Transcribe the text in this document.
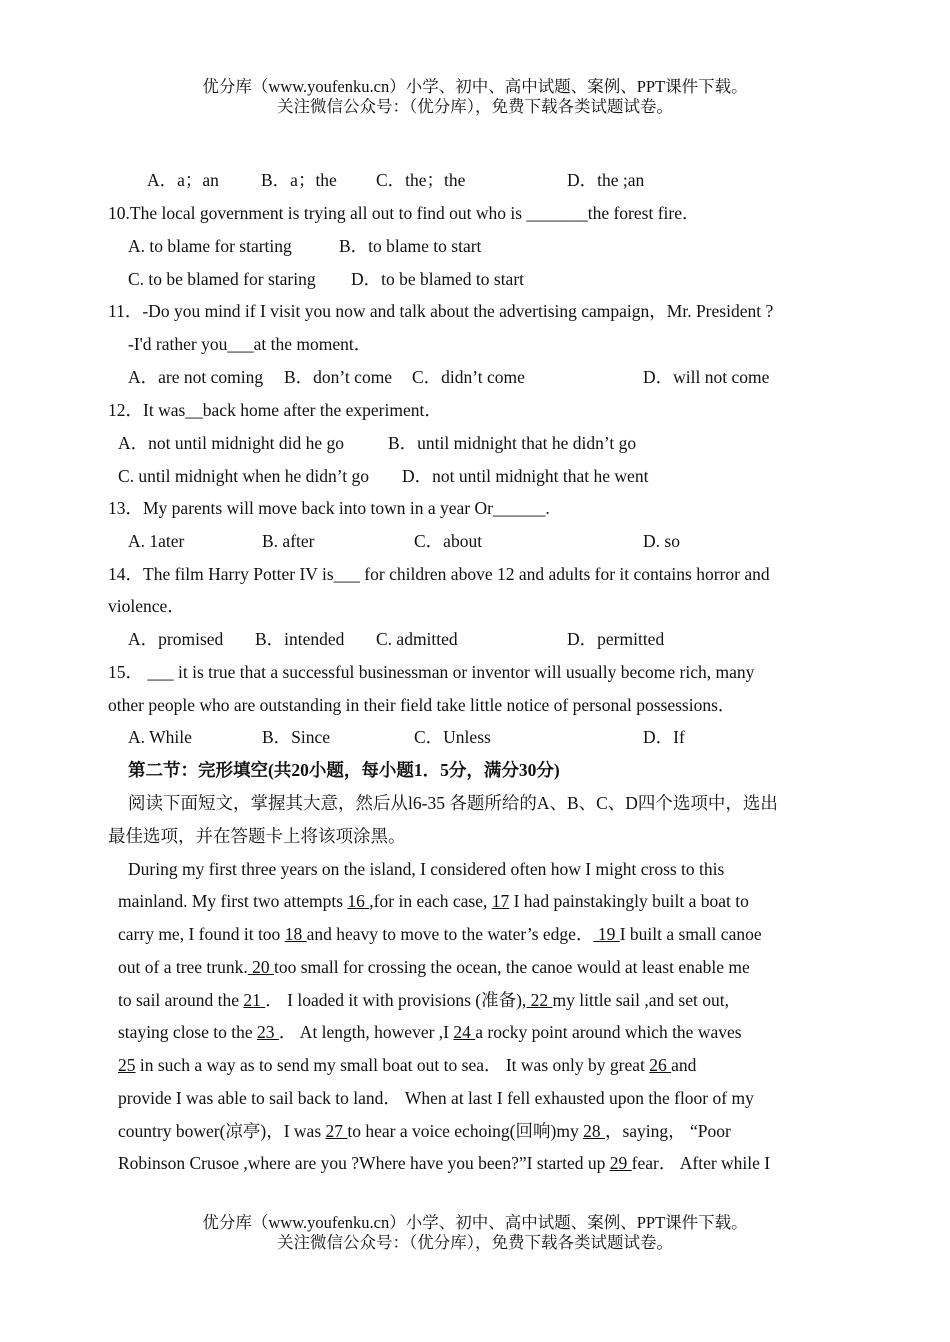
优分库（www.youfenku.cn）小学、初中、高中试题、案例、PPT课件下载。
关注微信公众号：（优分库），免费下载各类试题试卷。
A．a；an B．a；the C．the；the	D．the ;an
10.The local government is trying all out to find out who is _______the forest fire．
A. to blame for starting	B．to blame to start
C. to be blamed for staring D．to be blamed to start
11．-Do you mind if I visit you now and talk about the advertising campaign，Mr. President ?
-I'd rather you___at the moment．
A．are not coming B．don’t come C．didn’t come	D．will not come
12．It was__back home after the experiment．
A．not until midnight did he go	B．until midnight that he didn’t go
C. until midnight when he didn’t go D．not until midnight that he went
13．My parents will move back into town in a year Or______.
A. 1ater	B. after	C．about	D. so
14．The film Harry Potter IV is___ for children above 12 and adults for it contains horror and
violence．
A．promised B．intended C. admitted	D．permitted
15． ___ it is true that a successful businessman or inventor will usually become rich, many
other people who are outstanding in their field take little notice of personal possessions．
A. While	B．Since	C．Unless	D．If
第二节：完形填空(共20小题，每小题1．5分，满分30分)
阅读下面短文，掌握其大意，然后从l6-35 各题所给的A、B、C、D四个选项中，选出
最佳选项，并在答题卡上将该项涂黑。
During my first three years on the island, I considered often how I might cross to this
mainland. My first two attempts 16 ,for in each case, 17 I had painstakingly built a boat to
carry me, I found it too 18 and heavy to move to the water’s edge． 19 I built a small canoe
out of a tree trunk. 20 too small for crossing the ocean, the canoe would at least enable me
to sail around the 21 ． I loaded it with provisions (准备), 22 my little sail ,and set out,
staying close to the 23 ． At length, however ,I 24 a rocky point around which the waves
25 in such a way as to send my small boat out to sea． It was only by great 26 and
provide I was able to sail back to land． When at last I fell exhausted upon the floor of my
country bower(凉亭)，I was 27 to hear a voice echoing(回响)my 28 ，saying， “Poor
Robinson Crusoe ,where are you ?Where have you been?”I started up 29 fear． After while I
优分库（www.youfenku.cn）小学、初中、高中试题、案例、PPT课件下载。
关注微信公众号：（优分库），免费下载各类试题试卷。
